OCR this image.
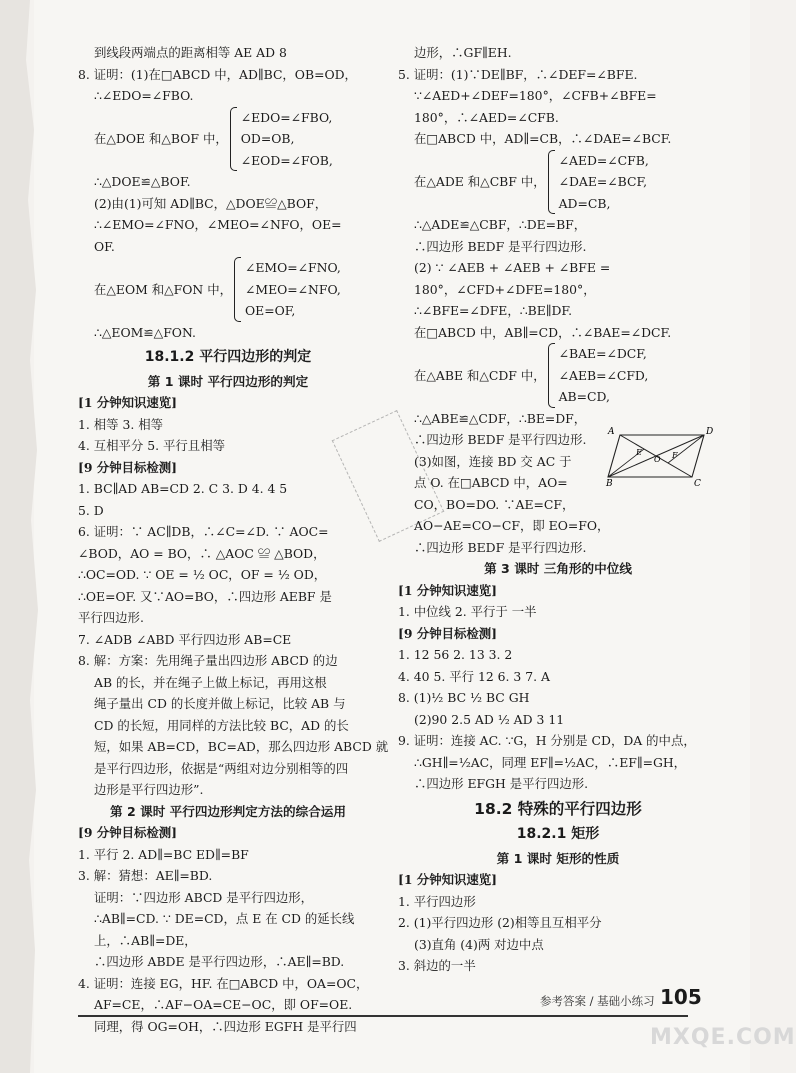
到线段两端点的距离相等 AE AD 8
8. 证明：(1)在□ABCD 中，AD∥BC，OB=OD，
∴∠EDO=∠FBO.
在△DOE 和△BOF 中，
∠EDO=∠FBO,
OD=OB,
∠EOD=∠FOB,
∴△DOE≌△BOF.
(2)由(1)可知 AD∥BC，△DOE≌△BOF，
∴∠EMO=∠FNO，∠MEO=∠NFO，OE=
OF.
在△EOM 和△FON 中，
∠EMO=∠FNO,
∠MEO=∠NFO,
OE=OF,
∴△EOM≌△FON.
18.1.2 平行四边形的判定
第 1 课时 平行四边形的判定
[1 分钟知识速览]
1. 相等 3. 相等
4. 互相平分 5. 平行且相等
[9 分钟目标检测]
1. BC∥AD AB=CD 2. C 3. D 4. 4 5
5. D
6. 证明：∵ AC∥DB，∴∠C=∠D. ∵ AOC=
∠BOD，AO = BO，∴ △AOC ≌ △BOD，
∴OC=OD. ∵ OE = ½ OC，OF = ½ OD，
∴OE=OF. 又∵AO=BO，∴四边形 AEBF 是
平行四边形.
7. ∠ADB ∠ABD 平行四边形 AB=CE
8. 解：方案：先用绳子量出四边形 ABCD 的边
AB 的长，并在绳子上做上标记，再用这根
绳子量出 CD 的长度并做上标记，比较 AB 与
CD 的长短，用同样的方法比较 BC，AD 的长
短，如果 AB=CD，BC=AD，那么四边形 ABCD 就
是平行四边形，依据是“两组对边分别相等的四
边形是平行四边形”.
第 2 课时 平行四边形判定方法的综合运用
[9 分钟目标检测]
1. 平行 2. AD∥=BC ED∥=BF
3. 解：猜想：AE∥=BD.
证明：∵四边形 ABCD 是平行四边形，
∴AB∥=CD. ∵ DE=CD，点 E 在 CD 的延长线
上，∴AB∥=DE，
∴四边形 ABDE 是平行四边形，∴AE∥=BD.
4. 证明：连接 EG，HF. 在□ABCD 中，OA=OC，
AF=CE，∴AF−OA=CE−OC，即 OF=OE.
同理，得 OG=OH，∴四边形 EGFH 是平行四
边形，∴GF∥EH.
5. 证明：(1)∵DE∥BF，∴∠DEF=∠BFE.
∵∠AED+∠DEF=180°，∠CFB+∠BFE=
180°，∴∠AED=∠CFB.
在□ABCD 中，AD∥=CB，∴∠DAE=∠BCF.
在△ADE 和△CBF 中，
∠AED=∠CFB,
∠DAE=∠BCF,
AD=CB,
∴△ADE≌△CBF，∴DE=BF，
∴四边形 BEDF 是平行四边形.
(2) ∵ ∠AEB + ∠AEB + ∠BFE =
180°，∠CFD+∠DFE=180°，
∴∠BFE=∠DFE，∴BE∥DF.
在□ABCD 中，AB∥=CD，∴∠BAE=∠DCF.
在△ABE 和△CDF 中，
∠BAE=∠DCF,
∠AEB=∠CFD,
AB=CD,
∴△ABE≌△CDF，∴BE=DF，
∴四边形 BEDF 是平行四边形.
(3)如图，连接 BD 交 AC 于
点 O. 在□ABCD 中，AO=
CO，BO=DO. ∵AE=CF，
AO−AE=CO−CF，即 EO=FO，
∴四边形 BEDF 是平行四边形.
第 3 课时 三角形的中位线
[1 分钟知识速览]
1. 中位线 2. 平行于 一半
[9 分钟目标检测]
1. 12 56 2. 13 3. 2
4. 40 5. 平行 12 6. 3 7. A
8. (1)½ BC ½ BC GH
(2)90 2.5 AD ½ AD 3 11
9. 证明：连接 AC. ∵G，H 分别是 CD，DA 的中点，
∴GH∥=½AC，同理 EF∥=½AC，∴EF∥=GH，
∴四边形 EFGH 是平行四边形.
18.2 特殊的平行四边形
18.2.1 矩形
第 1 课时 矩形的性质
[1 分钟知识速览]
1. 平行四边形
2. (1)平行四边形 (2)相等且互相平分
(3)直角 (4)两 对边中点
3. 斜边的一半
A	D
E
O F
B	C
参考答案 / 基础小练习 105
MXQE.COM
